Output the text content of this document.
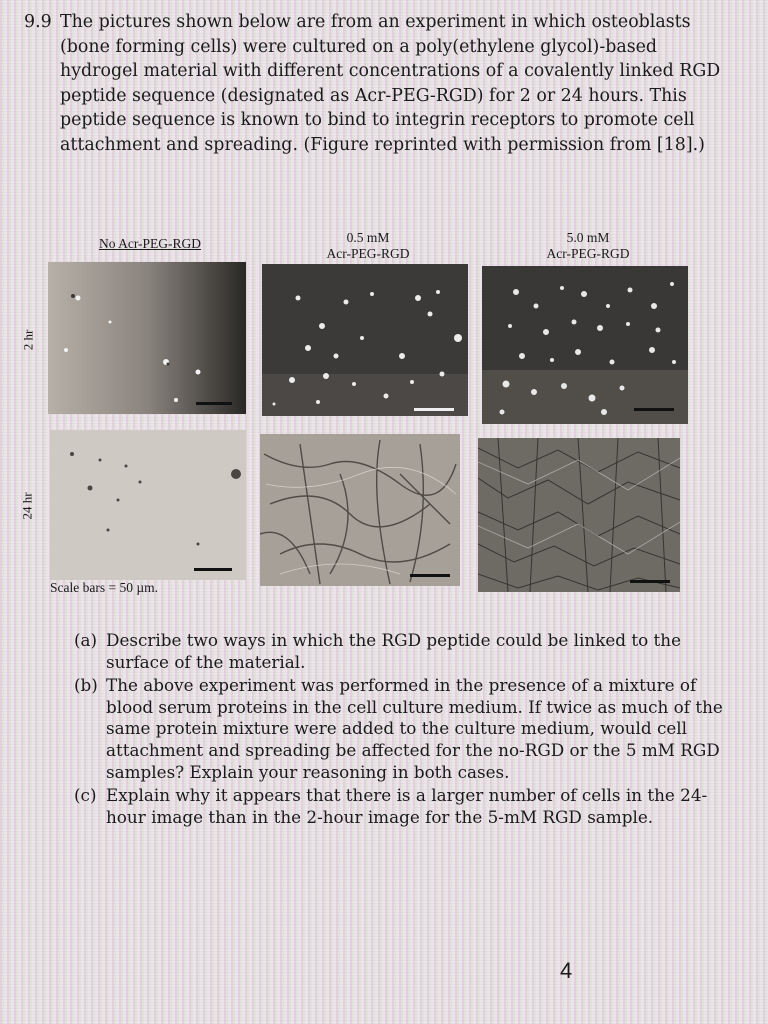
9.9 The pictures shown below are from an experiment in which osteoblasts (bone forming cells) were cultured on a poly(ethylene glycol)-based hydrogel material with different concentrations of a covalently linked RGD peptide sequence (designated as Acr-PEG-RGD) for 2 or 24 hours. This peptide sequence is known to bind to integrin receptors to promote cell attachment and spreading. (Figure reprinted with permission from [18].)
No Acr-PEG-RGD	0.5 mM
Acr-PEG-RGD
5.0 mM
Acr-PEG-RGD
2 hr
24 hr
Scale bars = 50 µm.
(a) Describe two ways in which the RGD peptide could be linked to the surface of the material.
(b) The above experiment was performed in the presence of a mixture of blood serum proteins in the cell culture medium. If twice as much of the same protein mixture were added to the culture medium, would cell attachment and spreading be affected for the no-RGD or the 5 mM RGD samples? Explain your reasoning in both cases.
(c) Explain why it appears that there is a larger number of cells in the 24-hour image than in the 2-hour image for the 5-mM RGD sample.
4
